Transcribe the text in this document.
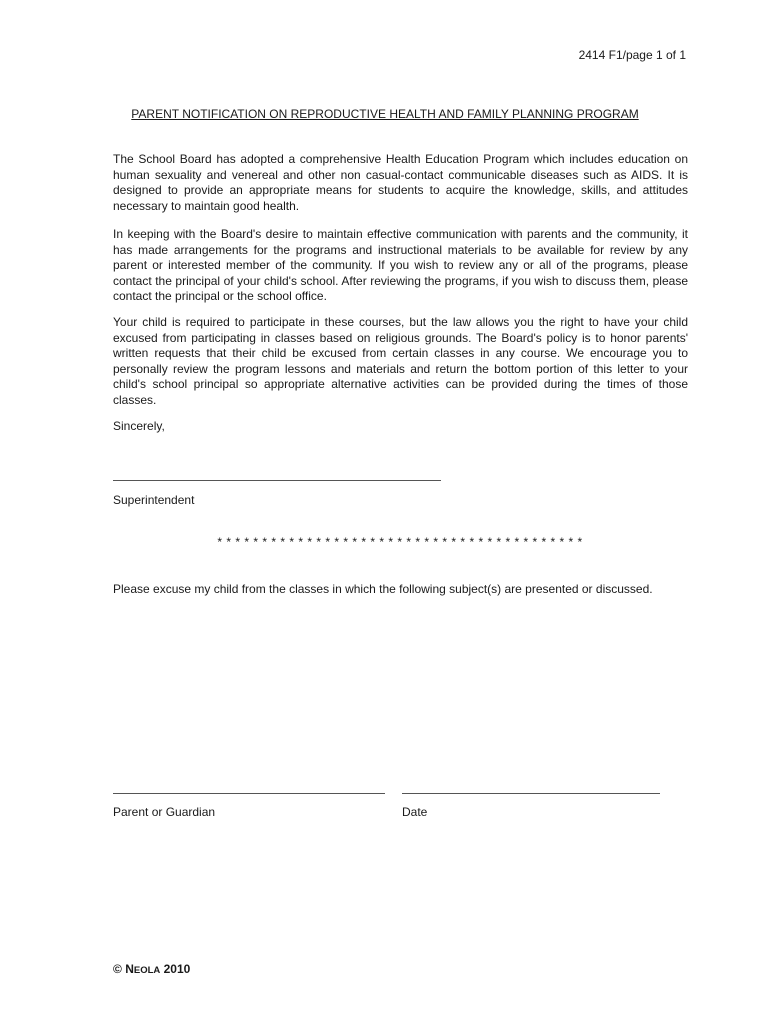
2414 F1/page 1 of 1
PARENT NOTIFICATION ON REPRODUCTIVE HEALTH AND FAMILY PLANNING PROGRAM

The School Board has adopted a comprehensive Health Education Program which includes education on human sexuality and venereal and other non casual-contact communicable diseases such as AIDS. It is designed to provide an appropriate means for students to acquire the knowledge, skills, and attitudes necessary to maintain good health.

In keeping with the Board's desire to maintain effective communication with parents and the community, it has made arrangements for the programs and instructional materials to be available for review by any parent or interested member of the community. If you wish to review any or all of the programs, please contact the principal of your child's school. After reviewing the programs, if you wish to discuss them, please contact the principal or the school office.

Your child is required to participate in these courses, but the law allows you the right to have your child excused from participating in classes based on religious grounds. The Board's policy is to honor parents' written requests that their child be excused from certain classes in any course. We encourage you to personally review the program lessons and materials and return the bottom portion of this letter to your child's school principal so appropriate alternative activities can be provided during the times of those classes.

Sincerely,

Superintendent
* * * * * * * * * * * * * * * * * * * * * * * * * * * * * * * * * * * * * * * * *
Please excuse my child from the classes in which the following subject(s) are presented or discussed.
Parent or Guardian	Date
© NEOLA 2010
